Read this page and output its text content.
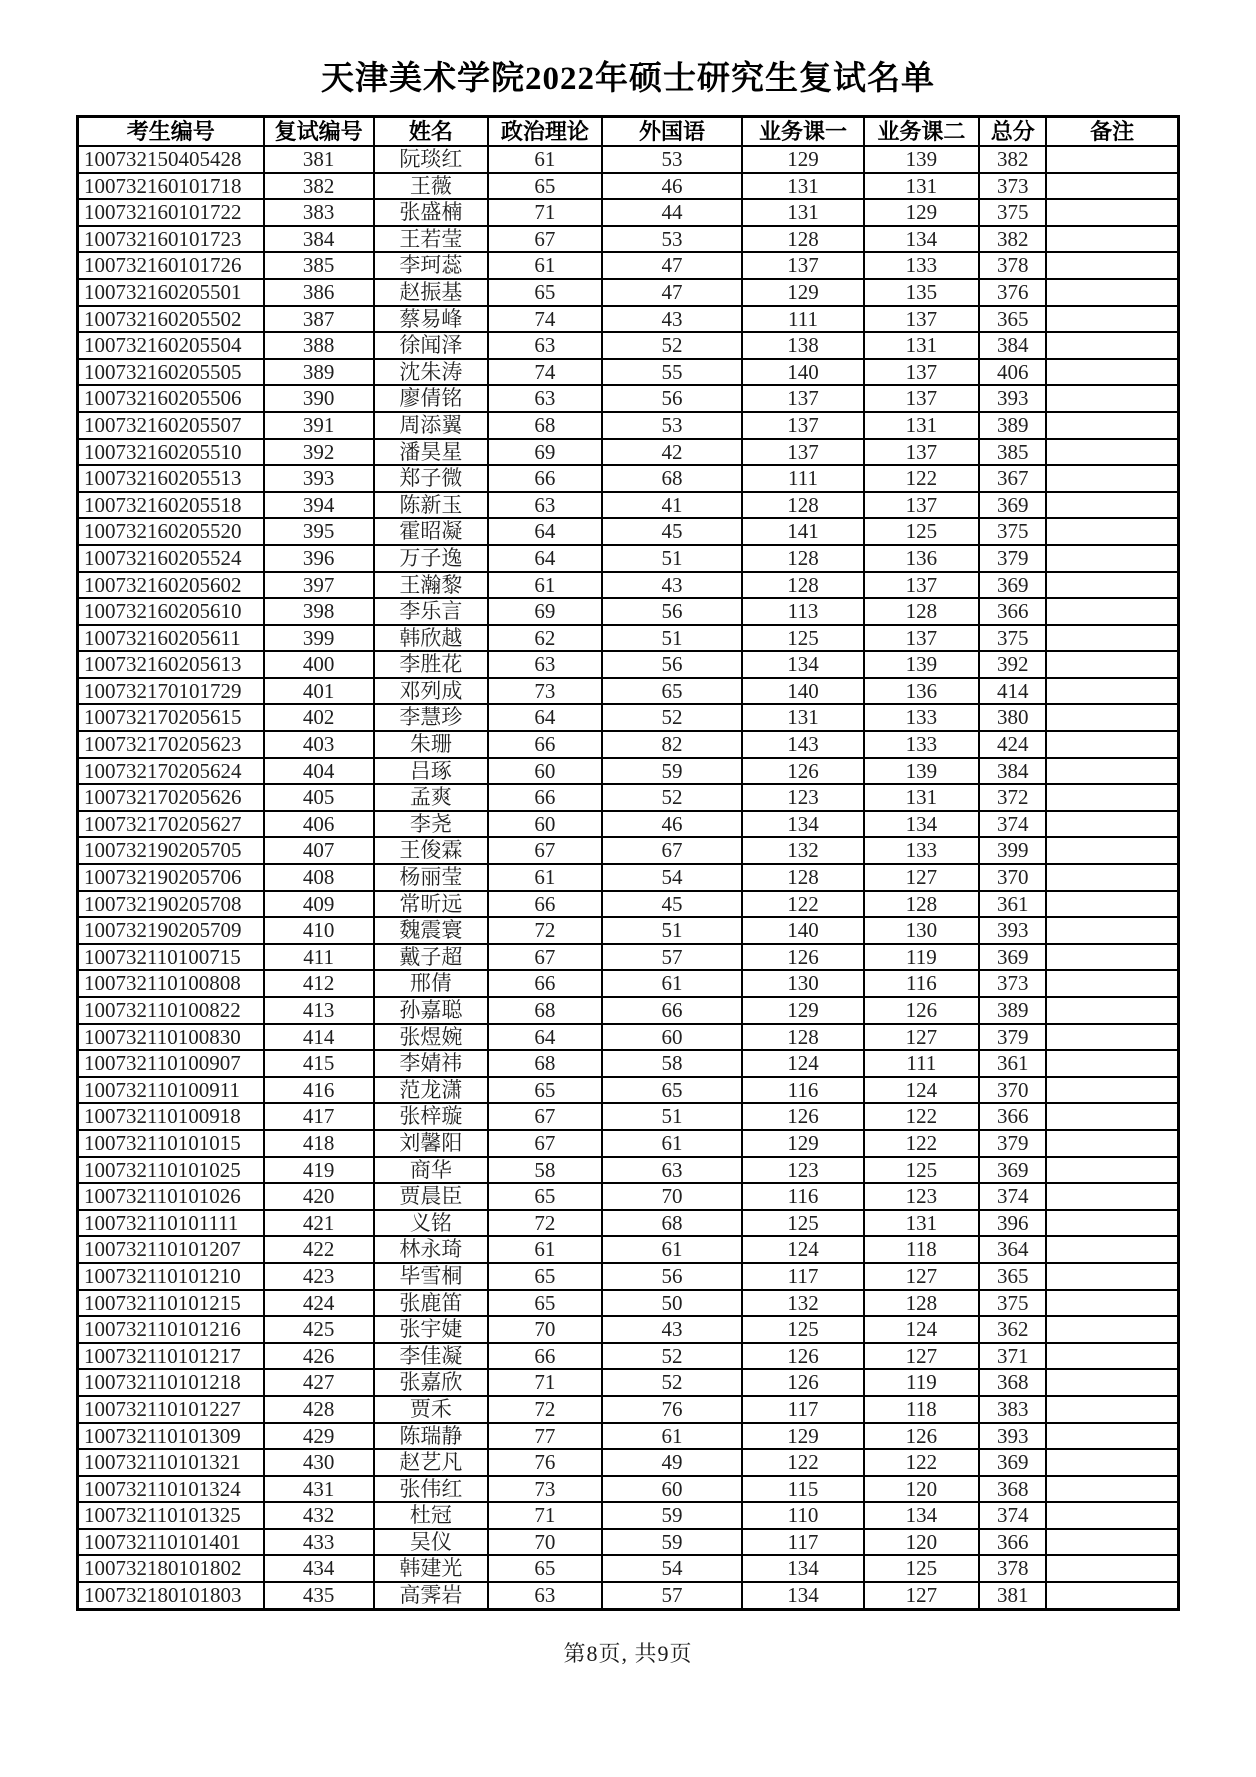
天津美术学院2022年硕士研究生复试名单
考生编号	复试编号	姓名	政治理论	外国语	业务课一	业务课二	总分	备注
100732150405428	381	阮琰红	61	53	129	139	382	
100732160101718	382	王薇	65	46	131	131	373	
100732160101722	383	张盛楠	71	44	131	129	375	
100732160101723	384	王若莹	67	53	128	134	382	
100732160101726	385	李珂蕊	61	47	137	133	378	
100732160205501	386	赵振基	65	47	129	135	376	
100732160205502	387	蔡易峰	74	43	111	137	365	
100732160205504	388	徐闻泽	63	52	138	131	384	
100732160205505	389	沈朱涛	74	55	140	137	406	
100732160205506	390	廖倩铭	63	56	137	137	393	
100732160205507	391	周添翼	68	53	137	131	389	
100732160205510	392	潘昊星	69	42	137	137	385	
100732160205513	393	郑子微	66	68	111	122	367	
100732160205518	394	陈新玉	63	41	128	137	369	
100732160205520	395	霍昭凝	64	45	141	125	375	
100732160205524	396	万子逸	64	51	128	136	379	
100732160205602	397	王瀚黎	61	43	128	137	369	
100732160205610	398	李乐言	69	56	113	128	366	
100732160205611	399	韩欣越	62	51	125	137	375	
100732160205613	400	李胜花	63	56	134	139	392	
100732170101729	401	邓列成	73	65	140	136	414	
100732170205615	402	李慧珍	64	52	131	133	380	
100732170205623	403	朱珊	66	82	143	133	424	
100732170205624	404	吕琢	60	59	126	139	384	
100732170205626	405	孟爽	66	52	123	131	372	
100732170205627	406	李尧	60	46	134	134	374	
100732190205705	407	王俊霖	67	67	132	133	399	
100732190205706	408	杨丽莹	61	54	128	127	370	
100732190205708	409	常昕远	66	45	122	128	361	
100732190205709	410	魏震寰	72	51	140	130	393	
100732110100715	411	戴子超	67	57	126	119	369	
100732110100808	412	邢倩	66	61	130	116	373	
100732110100822	413	孙嘉聪	68	66	129	126	389	
100732110100830	414	张煜婉	64	60	128	127	379	
100732110100907	415	李婧祎	68	58	124	111	361	
100732110100911	416	范龙潇	65	65	116	124	370	
100732110100918	417	张梓璇	67	51	126	122	366	
100732110101015	418	刘馨阳	67	61	129	122	379	
100732110101025	419	商华	58	63	123	125	369	
100732110101026	420	贾晨臣	65	70	116	123	374	
100732110101111	421	义铭	72	68	125	131	396	
100732110101207	422	林永琦	61	61	124	118	364	
100732110101210	423	毕雪桐	65	56	117	127	365	
100732110101215	424	张鹿笛	65	50	132	128	375	
100732110101216	425	张宇婕	70	43	125	124	362	
100732110101217	426	李佳凝	66	52	126	127	371	
100732110101218	427	张嘉欣	71	52	126	119	368	
100732110101227	428	贾禾	72	76	117	118	383	
100732110101309	429	陈瑞静	77	61	129	126	393	
100732110101321	430	赵艺凡	76	49	122	122	369	
100732110101324	431	张伟红	73	60	115	120	368	
100732110101325	432	杜冠	71	59	110	134	374	
100732110101401	433	吴仪	70	59	117	120	366	
100732180101802	434	韩建光	65	54	134	125	378	
100732180101803	435	高霁岩	63	57	134	127	381	
第8页, 共9页
